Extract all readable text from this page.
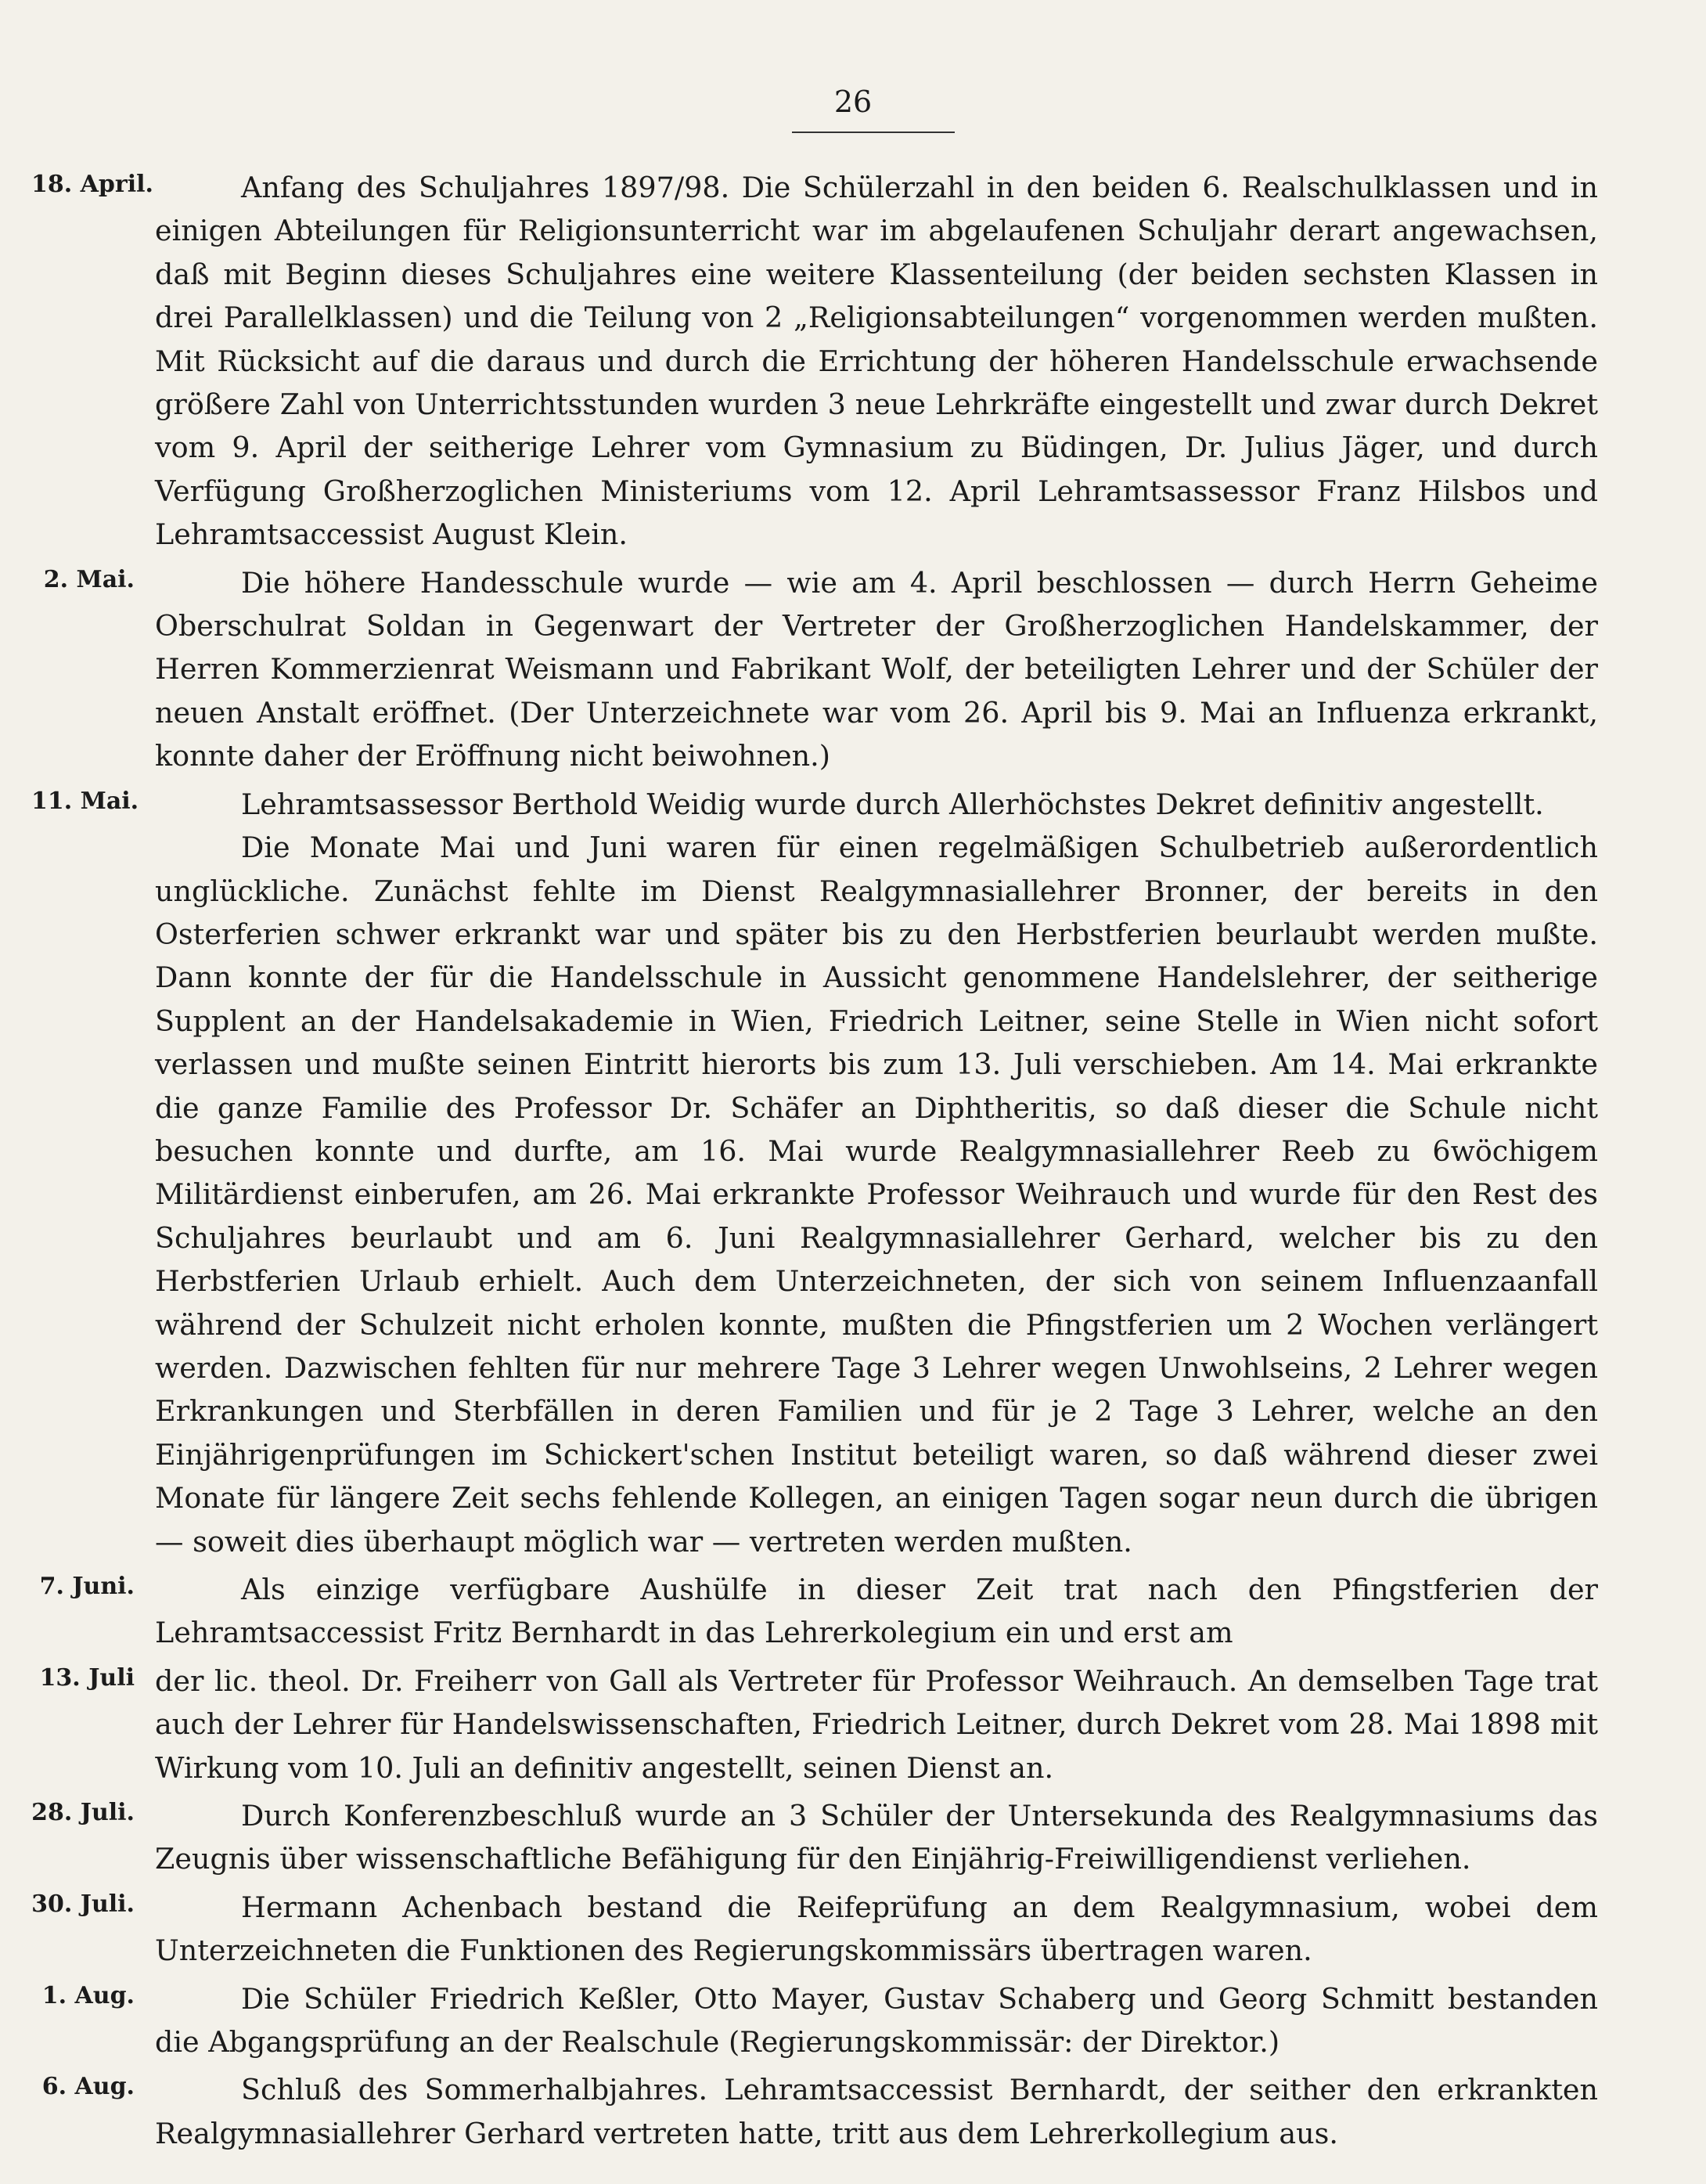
26
18. April.	Anfang des Schuljahres 1897/98. Die Schülerzahl in den beiden 6. Realschulklassen und in einigen Abteilungen für Religionsunterricht war im abgelaufenen Schuljahr derart angewachsen, daß mit Beginn dieses Schuljahres eine weitere Klassenteilung (der beiden sechsten Klassen in drei Parallelklassen) und die Teilung von 2 „Religionsabteilungen“ vorgenommen werden mußten. Mit Rücksicht auf die daraus und durch die Errichtung der höheren Handelsschule erwachsende größere Zahl von Unterrichtsstunden wurden 3 neue Lehrkräfte eingestellt und zwar durch Dekret vom 9. April der seitherige Lehrer vom Gymnasium zu Büdingen, Dr. Julius Jäger, und durch Verfügung Großherzoglichen Ministeriums vom 12. April Lehramtsassessor Franz Hilsbos und Lehramtsaccessist August Klein.
2. Mai.	Die höhere Handesschule wurde — wie am 4. April beschlossen — durch Herrn Geheime Oberschulrat Soldan in Gegenwart der Vertreter der Großherzoglichen Handelskammer, der Herren Kommerzienrat Weismann und Fabrikant Wolf, der beteiligten Lehrer und der Schüler der neuen Anstalt eröffnet. (Der Unterzeichnete war vom 26. April bis 9. Mai an Influenza erkrankt, konnte daher der Eröffnung nicht beiwohnen.)
11. Mai.	Lehramtsassessor Berthold Weidig wurde durch Allerhöchstes Dekret definitiv angestellt.
Die Monate Mai und Juni waren für einen regelmäßigen Schulbetrieb außerordentlich unglückliche. Zunächst fehlte im Dienst Realgymnasiallehrer Bronner, der bereits in den Osterferien schwer erkrankt war und später bis zu den Herbstferien beurlaubt werden mußte. Dann konnte der für die Handelsschule in Aussicht genommene Handelslehrer, der seitherige Supplent an der Handelsakademie in Wien, Friedrich Leitner, seine Stelle in Wien nicht sofort verlassen und mußte seinen Eintritt hierorts bis zum 13. Juli verschieben. Am 14. Mai erkrankte die ganze Familie des Professor Dr. Schäfer an Diphtheritis, so daß dieser die Schule nicht besuchen konnte und durfte, am 16. Mai wurde Realgymnasiallehrer Reeb zu 6wöchigem Militärdienst einberufen, am 26. Mai erkrankte Professor Weihrauch und wurde für den Rest des Schuljahres beurlaubt und am 6. Juni Realgymnasiallehrer Gerhard, welcher bis zu den Herbstferien Urlaub erhielt. Auch dem Unterzeichneten, der sich von seinem Influenzaanfall während der Schulzeit nicht erholen konnte, mußten die Pfingstferien um 2 Wochen verlängert werden. Dazwischen fehlten für nur mehrere Tage 3 Lehrer wegen Unwohlseins, 2 Lehrer wegen Erkrankungen und Sterbfällen in deren Familien und für je 2 Tage 3 Lehrer, welche an den Einjährigenprüfungen im Schickert'schen Institut beteiligt waren, so daß während dieser zwei Monate für längere Zeit sechs fehlende Kollegen, an einigen Tagen sogar neun durch die übrigen — soweit dies überhaupt möglich war — vertreten werden mußten.
7. Juni.	Als einzige verfügbare Aushülfe in dieser Zeit trat nach den Pfingstferien der Lehramtsaccessist Fritz Bernhardt in das Lehrerkolegium ein und erst am
13. Juli der lic. theol. Dr. Freiherr von Gall als Vertreter für Professor Weihrauch. An demselben Tage trat auch der Lehrer für Handelswissenschaften, Friedrich Leitner, durch Dekret vom 28. Mai 1898 mit Wirkung vom 10. Juli an definitiv angestellt, seinen Dienst an.
28. Juli.	Durch Konferenzbeschluß wurde an 3 Schüler der Untersekunda des Realgymnasiums das Zeugnis über wissenschaftliche Befähigung für den Einjährig-Freiwilligendienst verliehen.
30. Juli.	Hermann Achenbach bestand die Reifeprüfung an dem Realgymnasium, wobei dem Unterzeichneten die Funktionen des Regierungskommissärs übertragen waren.
1. Aug.	Die Schüler Friedrich Keßler, Otto Mayer, Gustav Schaberg und Georg Schmitt bestanden die Abgangsprüfung an der Realschule (Regierungskommissär: der Direktor.)
6. Aug.	Schluß des Sommerhalbjahres. Lehramtsaccessist Bernhardt, der seither den erkrankten Realgymnasiallehrer Gerhard vertreten hatte, tritt aus dem Lehrerkollegium aus.
